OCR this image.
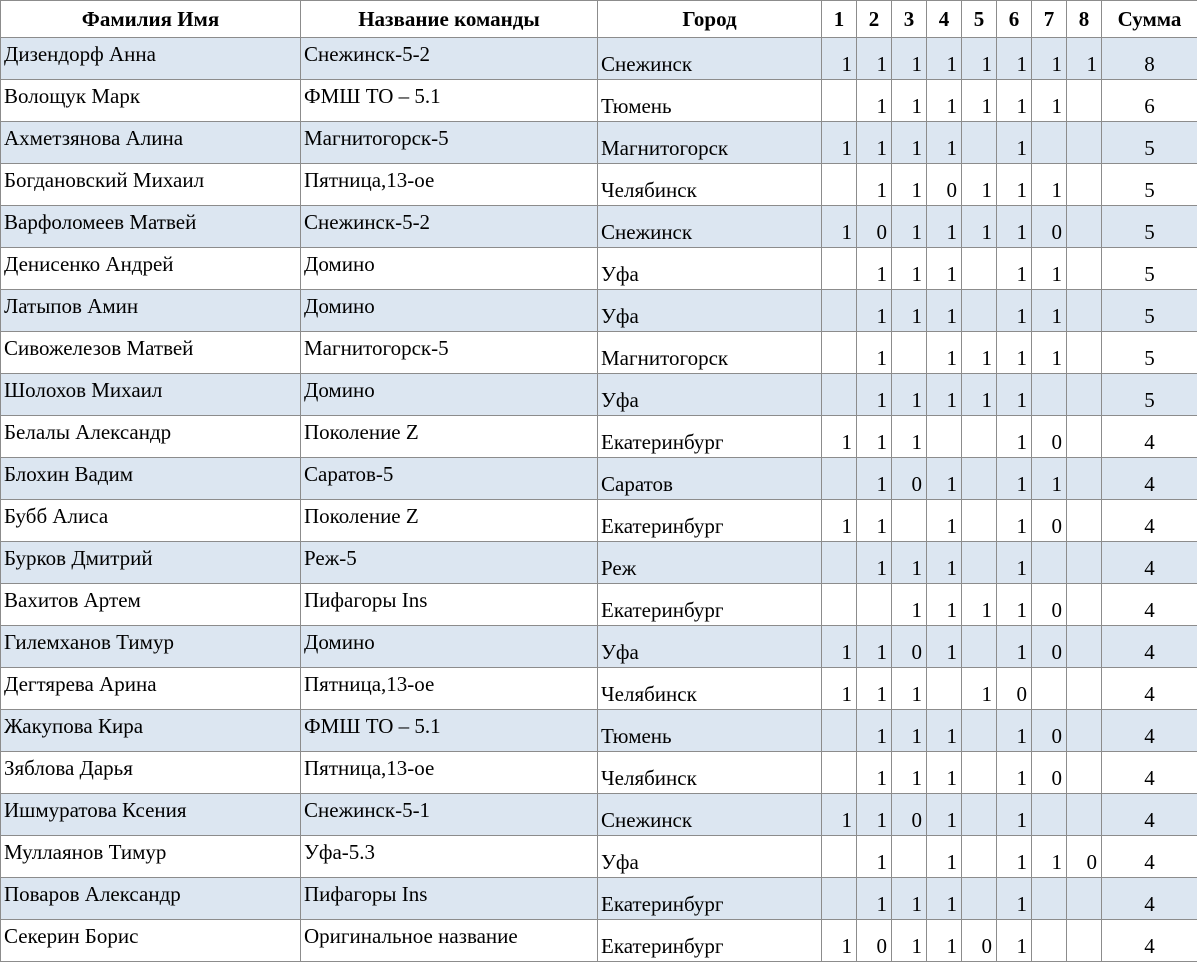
Фамилия Имя	Название команды	Город	1	2	3	4	5	6	7	8	Сумма
Дизендорф Анна	Снежинск-5-2	Снежинск	1	1	1	1	1	1	1	1	8
Волощук Марк	ФМШ ТО – 5.1	Тюмень		1	1	1	1	1	1		6
Ахметзянова Алина	Магнитогорск-5	Магнитогорск	1	1	1	1		1			5
Богдановский Михаил	Пятница,13-ое	Челябинск		1	1	0	1	1	1		5
Варфоломеев Матвей	Снежинск-5-2	Снежинск	1	0	1	1	1	1	0		5
Денисенко Андрей	Домино	Уфа		1	1	1		1	1		5
Латыпов Амин	Домино	Уфа		1	1	1		1	1		5
Сивожелезов Матвей	Магнитогорск-5	Магнитогорск		1		1	1	1	1		5
Шолохов Михаил	Домино	Уфа		1	1	1	1	1			5
Белалы Александр	Поколение Z	Екатеринбург	1	1	1			1	0		4
Блохин Вадим	Саратов-5	Саратов		1	0	1		1	1		4
Бубб Алиса	Поколение Z	Екатеринбург	1	1		1		1	0		4
Бурков Дмитрий	Реж-5	Реж		1	1	1		1			4
Вахитов Артем	Пифагоры Ins	Екатеринбург			1	1	1	1	0		4
Гилемханов Тимур	Домино	Уфа	1	1	0	1		1	0		4
Дегтярева Арина	Пятница,13-ое	Челябинск	1	1	1		1	0			4
Жакупова Кира	ФМШ ТО – 5.1	Тюмень		1	1	1		1	0		4
Зяблова Дарья	Пятница,13-ое	Челябинск		1	1	1		1	0		4
Ишмуратова Ксения	Снежинск-5-1	Снежинск	1	1	0	1		1			4
Муллаянов Тимур	Уфа-5.3	Уфа		1		1		1	1	0	4
Поваров Александр	Пифагоры Ins	Екатеринбург		1	1	1		1			4
Секерин Борис	Оригинальное название	Екатеринбург	1	0	1	1	0	1			4
